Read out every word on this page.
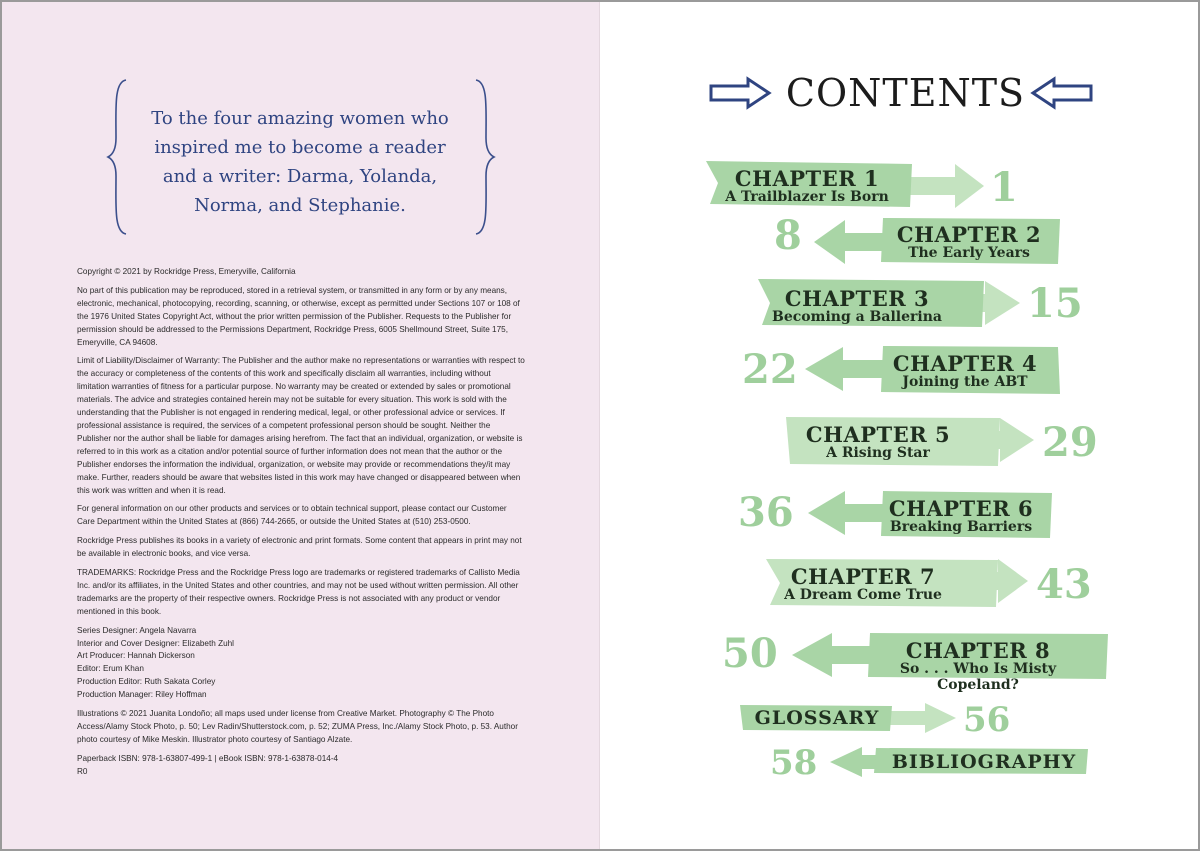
To the four amazing women who
inspired me to become a reader
and a writer: Darma, Yolanda,
Norma, and Stephanie.

Copyright © 2021 by Rockridge Press, Emeryville, California

No part of this publication may be reproduced, stored in a retrieval system, or transmitted in any form or by any means, electronic, mechanical, photocopying, recording, scanning, or otherwise, except as permitted under Sections 107 or 108 of the 1976 United States Copyright Act, without the prior written permission of the Publisher. Requests to the Publisher for permission should be addressed to the Permissions Department, Rockridge Press, 6005 Shellmound Street, Suite 175, Emeryville, CA 94608.

Limit of Liability/Disclaimer of Warranty: The Publisher and the author make no representations or warranties with respect to the accuracy or completeness of the contents of this work and specifically disclaim all warranties, including without limitation warranties of fitness for a particular purpose. No warranty may be created or extended by sales or promotional materials. The advice and strategies contained herein may not be suitable for every situation. This work is sold with the understanding that the Publisher is not engaged in rendering medical, legal, or other professional advice or services. If professional assistance is required, the services of a competent professional person should be sought. Neither the Publisher nor the author shall be liable for damages arising herefrom. The fact that an individual, organization, or website is referred to in this work as a citation and/or potential source of further information does not mean that the author or the Publisher endorses the information the individual, organization, or website may provide or recommendations they/it may make. Further, readers should be aware that websites listed in this work may have changed or disappeared between when this work was written and when it is read.

For general information on our other products and services or to obtain technical support, please contact our Customer Care Department within the United States at (866) 744-2665, or outside the United States at (510) 253-0500.

Rockridge Press publishes its books in a variety of electronic and print formats. Some content that appears in print may not be available in electronic books, and vice versa.

TRADEMARKS: Rockridge Press and the Rockridge Press logo are trademarks or registered trademarks of Callisto Media Inc. and/or its affiliates, in the United States and other countries, and may not be used without written permission. All other trademarks are the property of their respective owners. Rockridge Press is not associated with any product or vendor mentioned in this book.

Series Designer: Angela Navarra

Interior and Cover Designer: Elizabeth Zuhl

Art Producer: Hannah Dickerson

Editor: Erum Khan

Production Editor: Ruth Sakata Corley

Production Manager: Riley Hoffman

Illustrations © 2021 Juanita Londoño; all maps used under license from Creative Market. Photography © The Photo Access/Alamy Stock Photo, p. 50; Lev Radin/Shutterstock.com, p. 52; ZUMA Press, Inc./Alamy Stock Photo, p. 53. Author photo courtesy of Mike Meskin. Illustrator photo courtesy of Santiago Alzate.

Paperback ISBN: 978-1-63807-499-1 | eBook ISBN: 978-1-63878-014-4

R0

CONTENTS
CHAPTER 1
A Trailblazer Is Born	1
CHAPTER 2
The Early Years
8
CHAPTER 3
Becoming a Ballerina 15
CHAPTER 4
Joining the ABT
22
CHAPTER 5
A Rising Star	29
CHAPTER 6
Breaking Barriers
36
CHAPTER 7
A Dream Come True 43
CHAPTER 8
So . . . Who Is Misty Copeland?
50
GLOSSARY 56
BIBLIOGRAPHY
58
